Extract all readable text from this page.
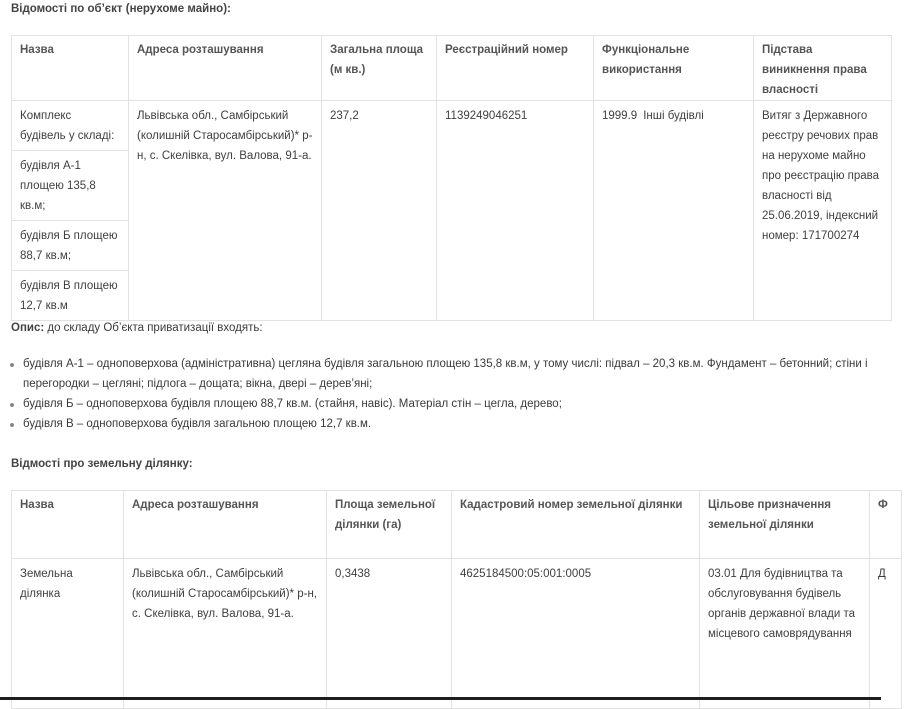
Відомості по об’єкт (нерухоме майно):
Назва	Адреса розташування	Загальна площа (м кв.)	Реєстраційний номер	Функціональне використання	Підстава виникнення права власності

Комплекс будівель у складі:
будівля А-1 площею 135,8 кв.м;
будівля Б площею 88,7 кв.м;
будівля В площею 12,7 кв.м	Львівська обл., Самбірський (колишній Старосамбірський)* р-н, с. Скелівка, вул. Валова, 91-а.	237,2	1139249046251	1999.9 Інші будівлі	Витяг з Державного реєстру речових прав на нерухоме майно про реєстрацію права власності від 25.06.2019, індексний номер: 171700274

Опис: до складу Об’єкта приватизації входять:

будівля А-1 – одноповерхова (адміністративна) цегляна будівля загальною площею 135,8 кв.м, у тому числі: підвал – 20,3 кв.м. Фундамент – бетонний; стіни і перегородки – цегляні; підлога – дощата; вікна, двері – дерев’яні;
будівля Б – одноповерхова будівля площею 88,7 кв.м. (стайня, навіс). Матеріал стін – цегла, дерево;
будівля В – одноповерхова будівля загальною площею 12,7 кв.м.
Відмості про земельну ділянку:
Назва	Адреса розташування	Площа земельної ділянки (га)	Кадастровий номер земельної ділянки	Цільове призначення земельної ділянки	Ф
Земельна ділянка	Львівська обл., Самбірський (колишній Старосамбірський)* р-н, с. Скелівка, вул. Валова, 91-а.	0,3438	4625184500:05:001:0005	03.01 Для будівництва та обслуговування будівель органів державної влади та місцевого самоврядування	Д
